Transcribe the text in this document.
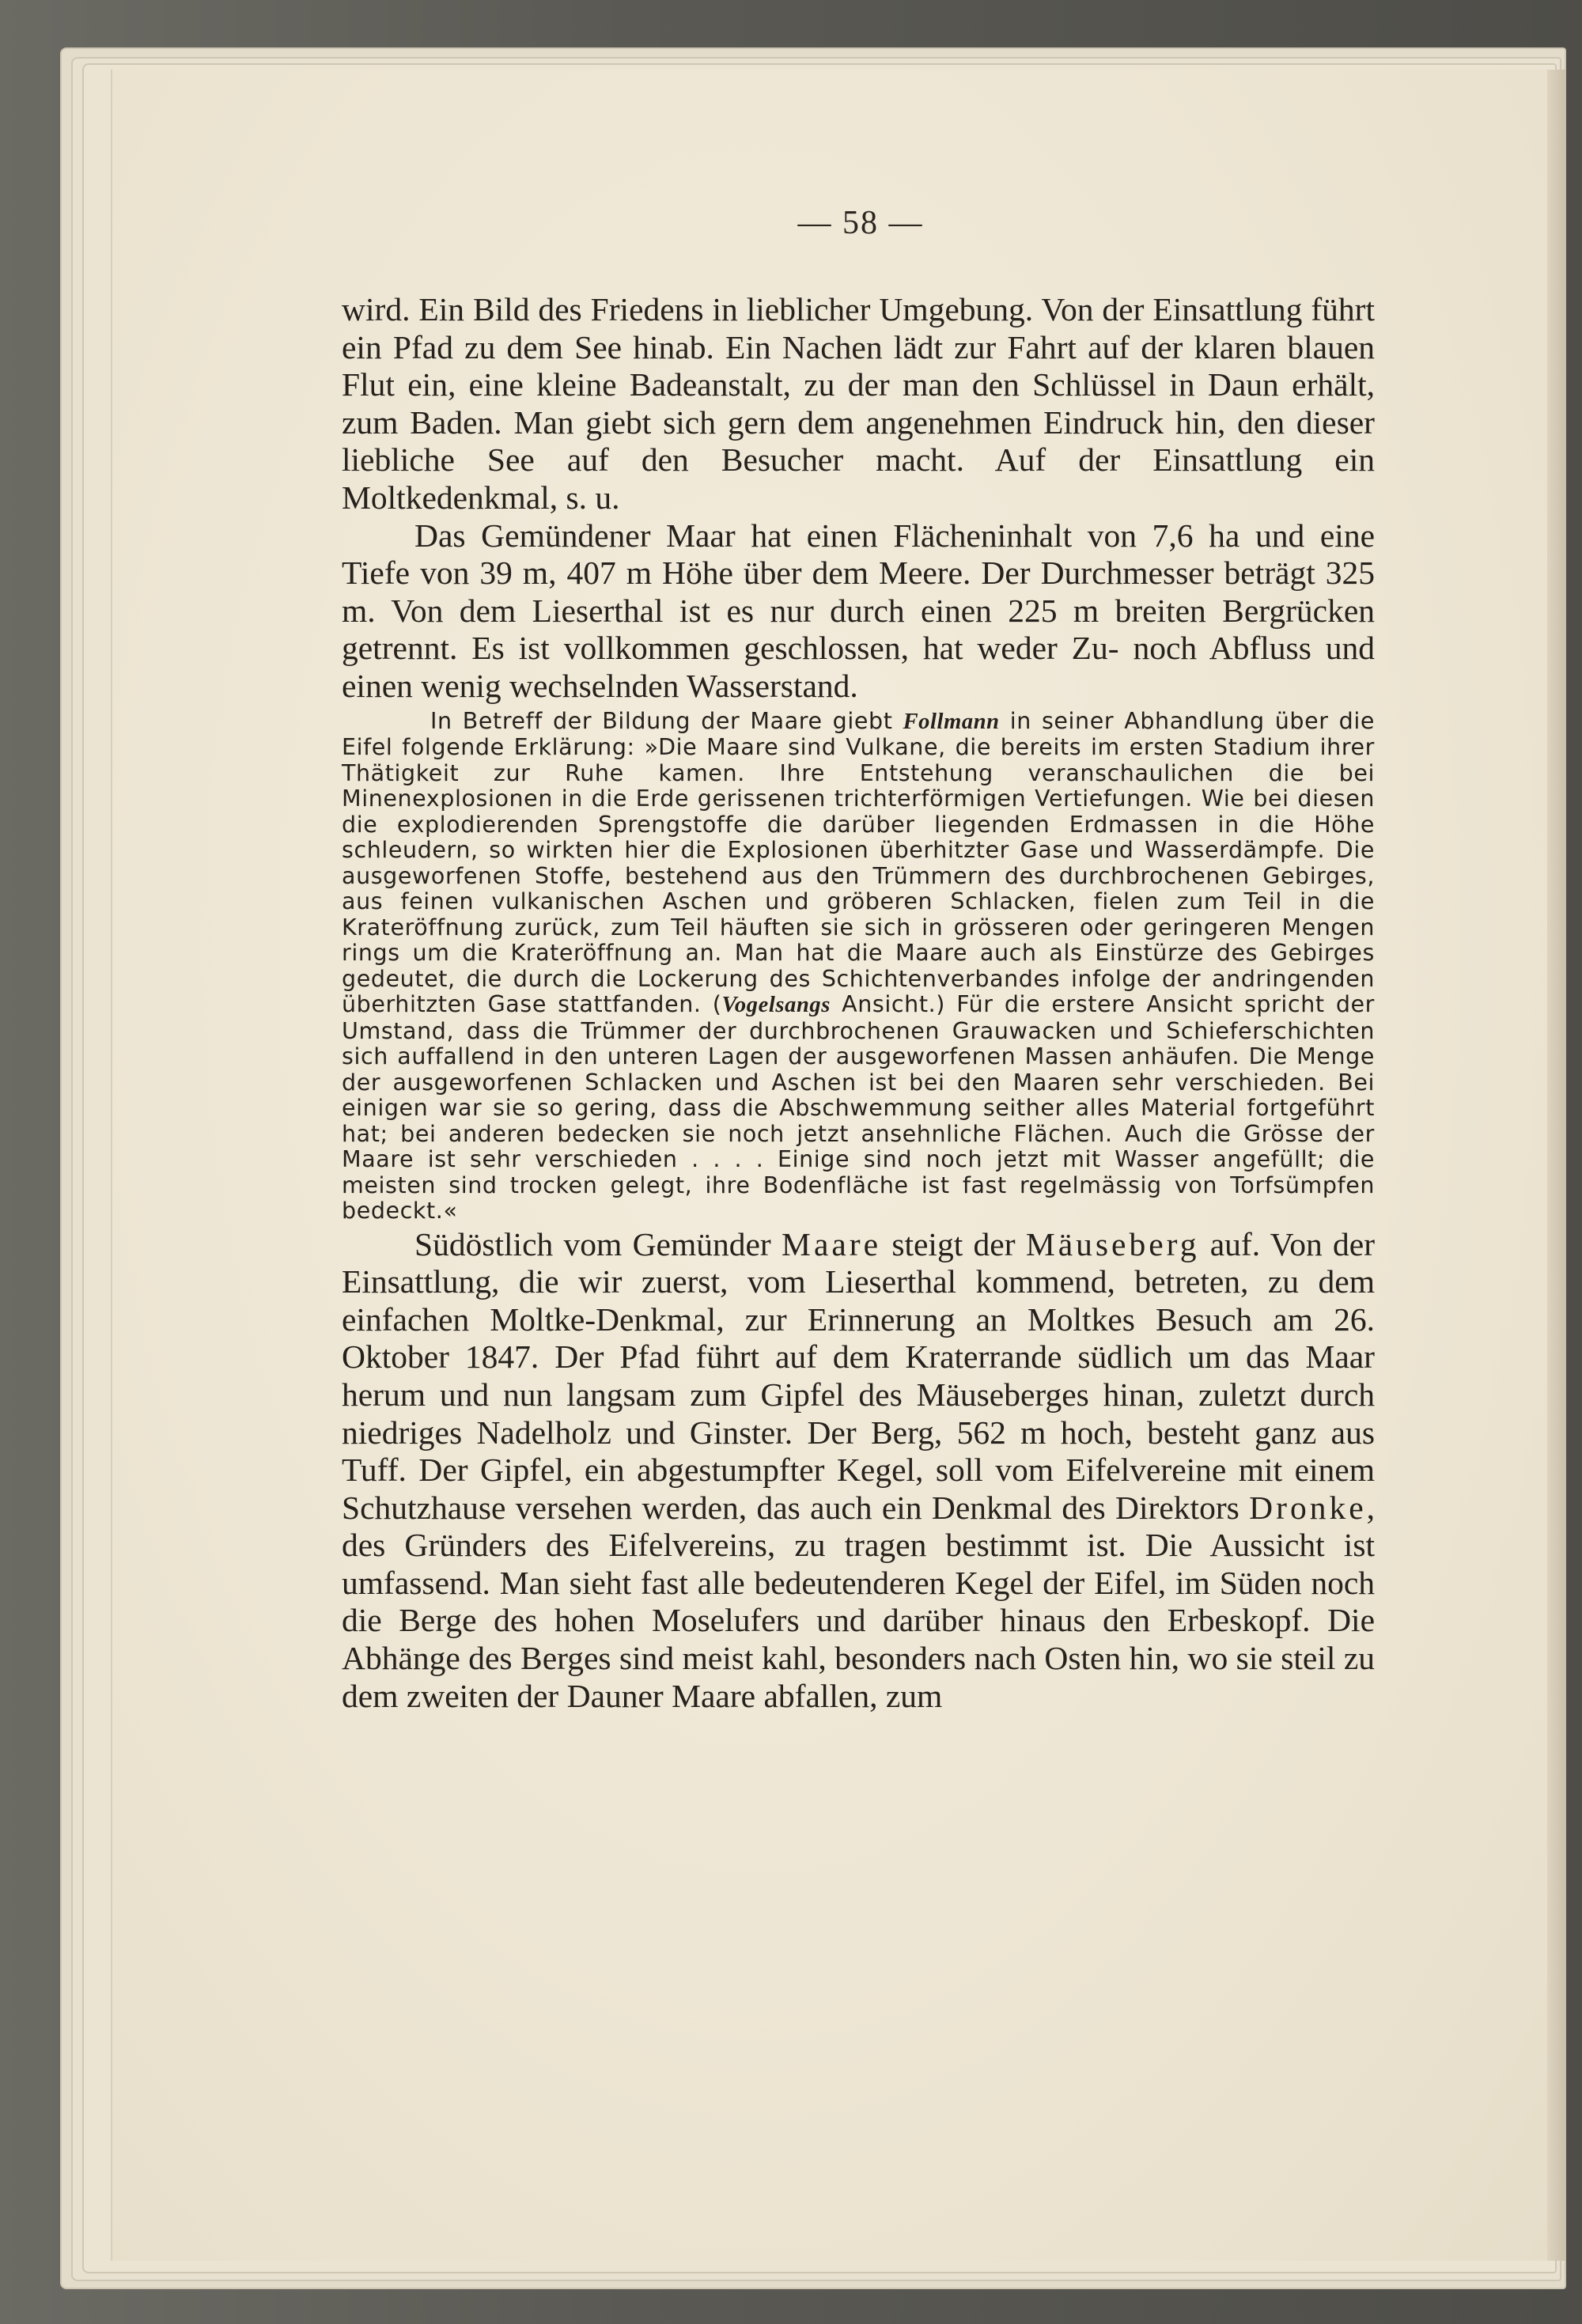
— 58 —

wird. Ein Bild des Friedens in lieblicher Umgebung. Von der Einsattlung führt ein Pfad zu dem See hinab. Ein Nachen lädt zur Fahrt auf der klaren blauen Flut ein, eine kleine Badeanstalt, zu der man den Schlüssel in Daun erhält, zum Baden. Man giebt sich gern dem angenehmen Eindruck hin, den dieser liebliche See auf den Besucher macht. Auf der Einsattlung ein Moltkedenkmal, s. u.

Das Gemündener Maar hat einen Flächeninhalt von 7,6 ha und eine Tiefe von 39 m, 407 m Höhe über dem Meere. Der Durchmesser beträgt 325 m. Von dem Lieserthal ist es nur durch einen 225 m breiten Bergrücken getrennt. Es ist vollkommen geschlossen, hat weder Zu- noch Abfluss und einen wenig wechselnden Wasserstand.

In Betreff der Bildung der Maare giebt Follmann in seiner Abhandlung über die Eifel folgende Erklärung: »Die Maare sind Vulkane, die bereits im ersten Stadium ihrer Thätigkeit zur Ruhe kamen. Ihre Entstehung veranschaulichen die bei Minenexplosionen in die Erde gerissenen trichterförmigen Vertiefungen. Wie bei diesen die explodierenden Sprengstoffe die darüber liegenden Erdmassen in die Höhe schleudern, so wirkten hier die Explosionen überhitzter Gase und Wasserdämpfe. Die ausgeworfenen Stoffe, bestehend aus den Trümmern des durchbrochenen Gebirges, aus feinen vulkanischen Aschen und gröberen Schlacken, fielen zum Teil in die Krateröffnung zurück, zum Teil häuften sie sich in grösseren oder geringeren Mengen rings um die Krateröffnung an. Man hat die Maare auch als Einstürze des Gebirges gedeutet, die durch die Lockerung des Schichtenverbandes infolge der andringenden überhitzten Gase stattfanden. (Vogelsangs Ansicht.) Für die erstere Ansicht spricht der Umstand, dass die Trümmer der durchbrochenen Grauwacken und Schieferschichten sich auffallend in den unteren Lagen der ausgeworfenen Massen anhäufen. Die Menge der ausgeworfenen Schlacken und Aschen ist bei den Maaren sehr verschieden. Bei einigen war sie so gering, dass die Abschwemmung seither alles Material fortgeführt hat; bei anderen bedecken sie noch jetzt ansehnliche Flächen. Auch die Grösse der Maare ist sehr verschieden . . . . Einige sind noch jetzt mit Wasser angefüllt; die meisten sind trocken gelegt, ihre Bodenfläche ist fast regelmässig von Torfsümpfen bedeckt.«

Südöstlich vom Gemünder Maare steigt der Mäuseberg auf. Von der Einsattlung, die wir zuerst, vom Lieserthal kommend, betreten, zu dem einfachen Moltke-Denkmal, zur Erinnerung an Moltkes Besuch am 26. Oktober 1847. Der Pfad führt auf dem Kraterrande südlich um das Maar herum und nun langsam zum Gipfel des Mäuseberges hinan, zuletzt durch niedriges Nadelholz und Ginster. Der Berg, 562 m hoch, besteht ganz aus Tuff. Der Gipfel, ein abgestumpfter Kegel, soll vom Eifelvereine mit einem Schutzhause versehen werden, das auch ein Denkmal des Direktors Dronke, des Gründers des Eifelvereins, zu tragen bestimmt ist. Die Aussicht ist umfassend. Man sieht fast alle bedeutenderen Kegel der Eifel, im Süden noch die Berge des hohen Moselufers und darüber hinaus den Erbeskopf. Die Abhänge des Berges sind meist kahl, besonders nach Osten hin, wo sie steil zu dem zweiten der Dauner Maare abfallen, zum
